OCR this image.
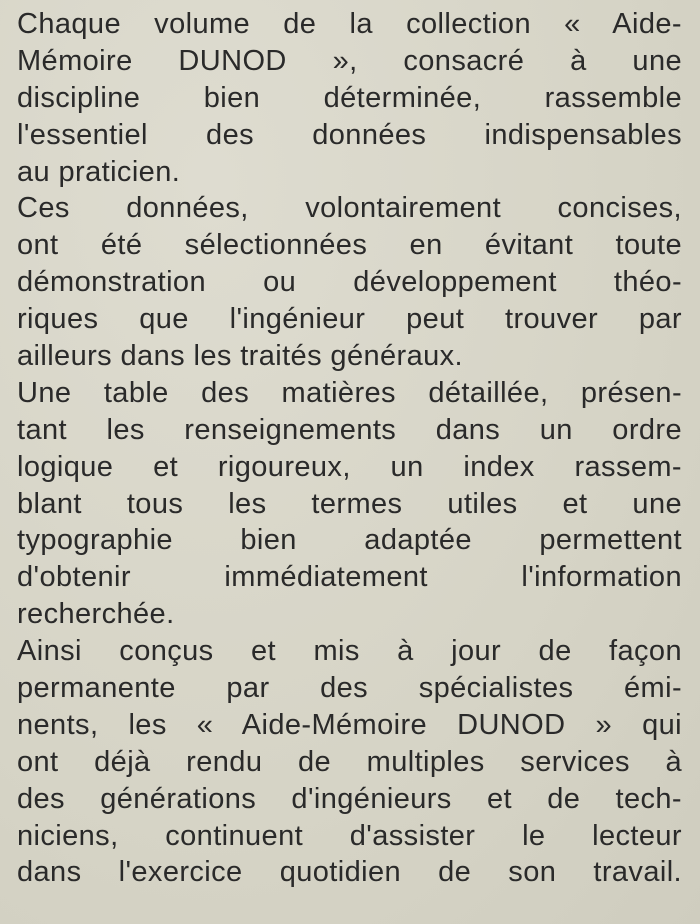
Chaque volume de la collection « Aide-
Mémoire DUNOD », consacré à une
discipline bien déterminée, rassemble
l'essentiel des données indispensables
au praticien.
Ces données, volontairement concises,
ont été sélectionnées en évitant toute
démonstration ou développement théo-
riques que l'ingénieur peut trouver par
ailleurs dans les traités généraux.
Une table des matières détaillée, présen-
tant les renseignements dans un ordre
logique et rigoureux, un index rassem-
blant tous les termes utiles et une
typographie bien adaptée permettent
d'obtenir immédiatement l'information
recherchée.
Ainsi conçus et mis à jour de façon
permanente par des spécialistes émi-
nents, les « Aide-Mémoire DUNOD » qui
ont déjà rendu de multiples services à
des générations d'ingénieurs et de tech-
niciens, continuent d'assister le lecteur
dans l'exercice quotidien de son travail.
